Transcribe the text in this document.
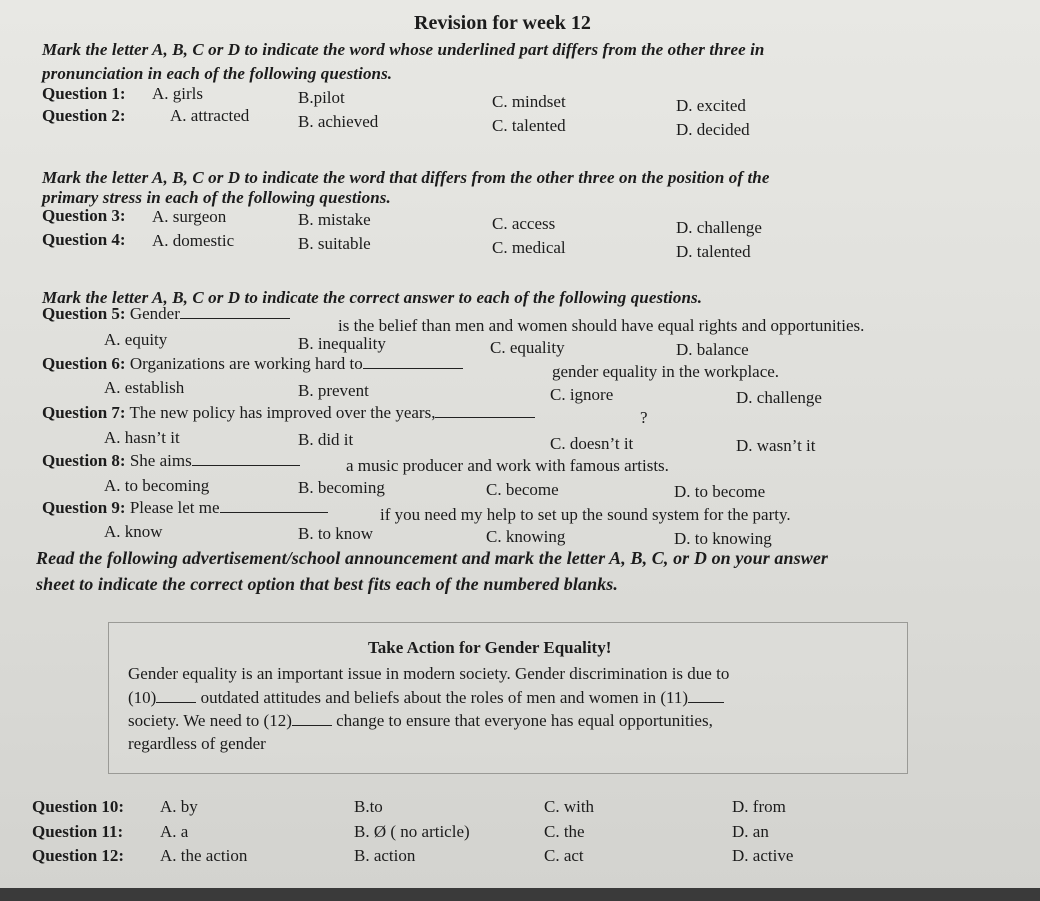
Revision for week 12
Mark the letter A, B, C or D to indicate the word whose underlined part differs from the other three in
pronunciation in each of the following questions.
Question 1: A. girls	B.pilot	C. mindset	D. excited
Question 2:	A. attracted	B. achieved	C. talented	D. decided
Mark the letter A, B, C or D to indicate the word that differs from the other three on the position of the
primary stress in each of the following questions.
Question 3: A. surgeon	B. mistake	C. access	D. challenge
Question 4: A. domestic	B. suitable	C. medical	D. talented
Mark the letter A, B, C or D to indicate the correct answer to each of the following questions.
Question 5: Gender
is the belief than men and women should have equal rights and opportunities.
A. equity	B. inequality	C. equality	D. balance
Question 6: Organizations are working hard to	gender equality in the workplace.
A. establish	B. prevent	C. ignore	D. challenge
Question 7: The new policy has improved over the years,	?
A. hasn’t it	B. did it	C. doesn’t it	D. wasn’t it
Question 8: She aims	a music producer and work with famous artists.
A. to becoming	B. becoming	C. become	D. to become
Question 9: Please let me	if you need my help to set up the sound system for the party.
A. know	B. to know	C. knowing	D. to knowing
Read the following advertisement/school announcement and mark the letter A, B, C, or D on your answer
sheet to indicate the correct option that best fits each of the numbered blanks.
Take Action for Gender Equality!
Gender equality is an important issue in modern society. Gender discrimination is due to
(10)	outdated attitudes and beliefs about the roles of men and women in (11)
society. We need to (12)	change to ensure that everyone has equal opportunities,
regardless of gender
Question 10: A. by	B.to	C. with	D. from
Question 11: A. a	B. Ø ( no article)	C. the	D. an
Question 12: A. the action	B. action	C. act	D. active
